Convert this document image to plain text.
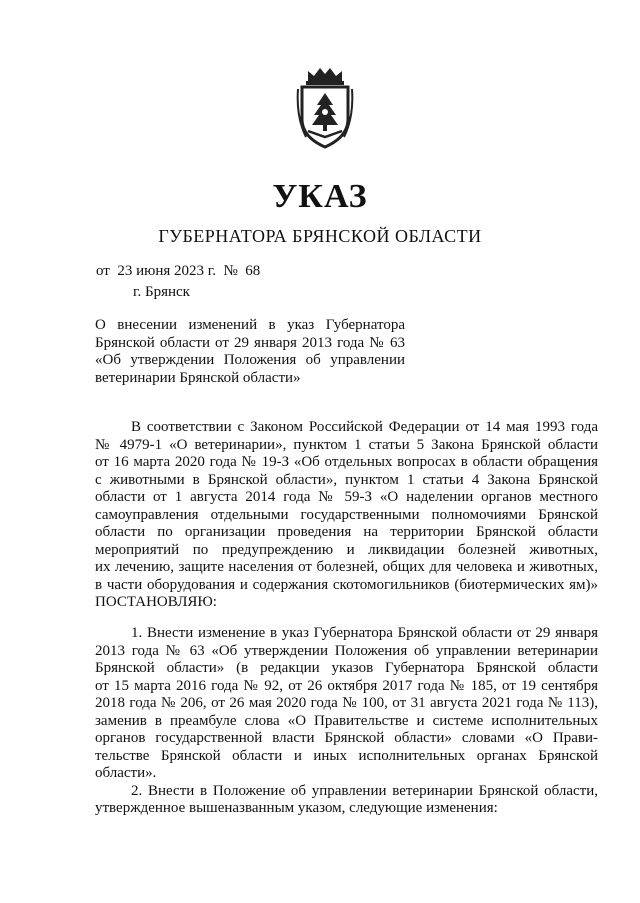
УКАЗ
ГУБЕРНАТОРА БРЯНСКОЙ ОБЛАСТИ
от  23 июня 2023 г.  №  68
г. Брянск
О внесении изменений в указ Губернатора
Брянской области от 29 января 2013 года № 63
«Об утверждении Положения об управлении
ветеринарии Брянской области»
В соответствии с Законом Российской Федерации от 14 мая 1993 года
№ 4979-1 «О ветеринарии», пунктом 1 статьи 5 Закона Брянской области
от 16 марта 2020 года № 19-З «Об отдельных вопросах в области обращения
с животными в Брянской области», пунктом 1 статьи 4 Закона Брянской
области от 1 августа 2014 года № 59-З «О наделении органов местного
самоуправления отдельными государственными полномочиями Брянской
области по организации проведения на территории Брянской области
мероприятий по предупреждению и ликвидации болезней животных,
их лечению, защите населения от болезней, общих для человека и животных,
в части оборудования и содержания скотомогильников (биотермических ям)»
ПОСТАНОВЛЯЮ:
1. Внести изменение в указ Губернатора Брянской области от 29 января
2013 года № 63 «Об утверждении Положения об управлении ветеринарии
Брянской области» (в редакции указов Губернатора Брянской области
от 15 марта 2016 года № 92, от 26 октября 2017 года № 185, от 19 сентября
2018 года № 206, от 26 мая 2020 года № 100, от 31 августа 2021 года № 113),
заменив в преамбуле слова «О Правительстве и системе исполнительных
органов государственной власти Брянской области» словами «О Прави-
тельстве Брянской области и иных исполнительных органах Брянской
области».
2. Внести в Положение об управлении ветеринарии Брянской области,
утвержденное вышеназванным указом, следующие изменения:
